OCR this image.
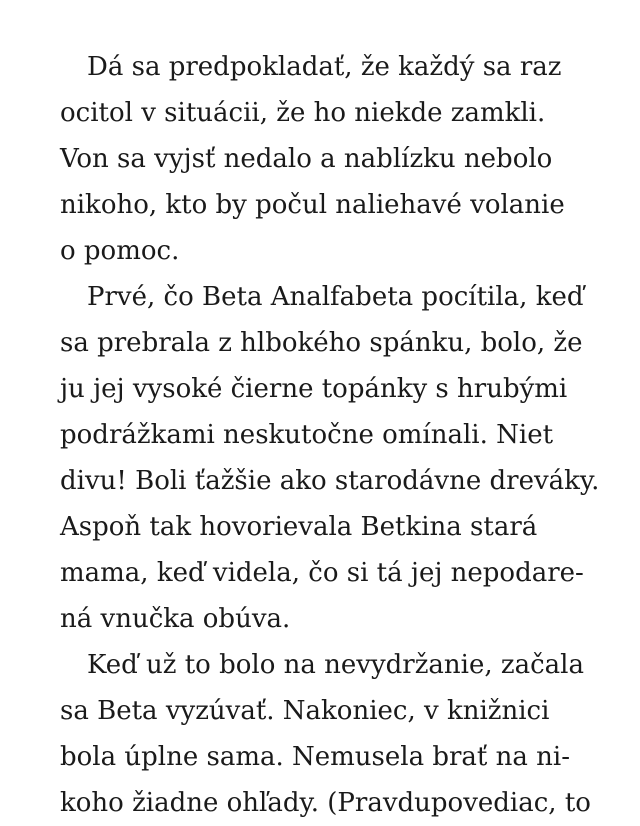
Dá sa predpokladať, že každý sa raz
ocitol v situácii, že ho niekde zamkli.
Von sa vyjsť nedalo a nablízku nebolo
nikoho, kto by počul naliehavé volanie
o pomoc.
Prvé, čo Beta Analfabeta pocítila, keď
sa prebrala z hlbokého spánku, bolo, že
ju jej vysoké čierne topánky s hrubými
podrážkami neskutočne omínali. Niet
divu! Boli ťažšie ako starodávne dreváky.
Aspoň tak hovorievala Betkina stará
mama, keď videla, čo si tá jej nepodare-
ná vnučka obúva.
Keď už to bolo na nevydržanie, začala
sa Beta vyzúvať. Nakoniec, v knižnici
bola úplne sama. Nemusela brať na ni-
koho žiadne ohľady. (Pravdupovediac, to
